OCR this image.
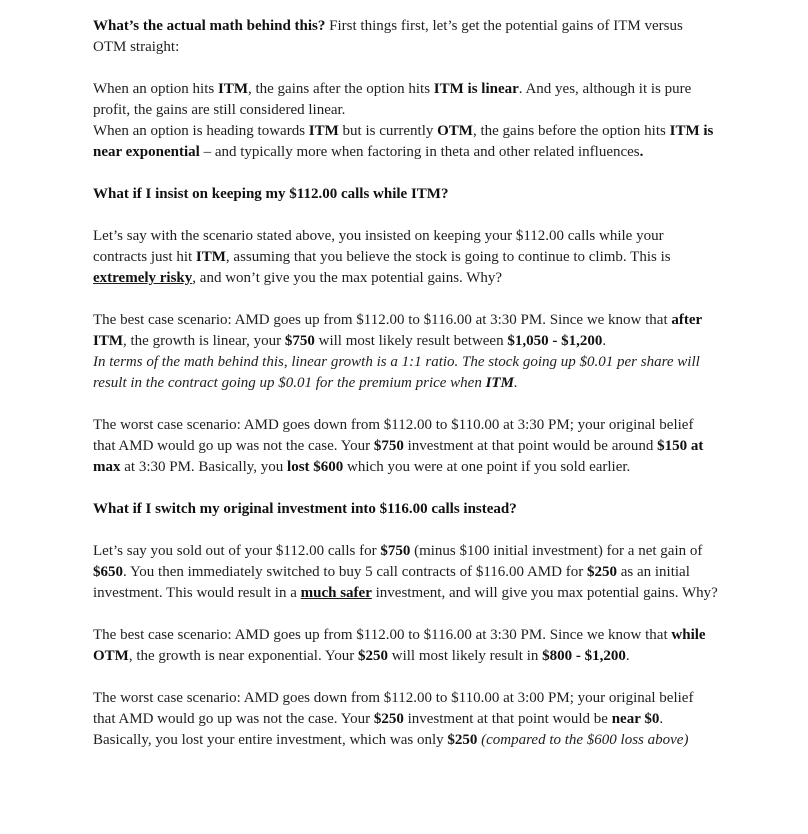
What’s the actual math behind this? First things first, let’s get the potential gains of ITM versus OTM straight:

When an option hits ITM, the gains after the option hits ITM is linear. And yes, although it is pure profit, the gains are still considered linear.

When an option is heading towards ITM but is currently OTM, the gains before the option hits ITM is near exponential – and typically more when factoring in theta and other related influences.

What if I insist on keeping my $112.00 calls while ITM?

Let’s say with the scenario stated above, you insisted on keeping your $112.00 calls while your contracts just hit ITM, assuming that you believe the stock is going to continue to climb. This is extremely risky, and won’t give you the max potential gains. Why?

The best case scenario: AMD goes up from $112.00 to $116.00 at 3:30 PM. Since we know that after ITM, the growth is linear, your $750 will most likely result between $1,050 - $1,200.

In terms of the math behind this, linear growth is a 1:1 ratio. The stock going up $0.01 per share will result in the contract going up $0.01 for the premium price when ITM.

The worst case scenario: AMD goes down from $112.00 to $110.00 at 3:30 PM; your original belief that AMD would go up was not the case. Your $750 investment at that point would be around $150 at max at 3:30 PM. Basically, you lost $600 which you were at one point if you sold earlier.

What if I switch my original investment into $116.00 calls instead?

Let’s say you sold out of your $112.00 calls for $750 (minus $100 initial investment) for a net gain of $650. You then immediately switched to buy 5 call contracts of $116.00 AMD for $250 as an initial investment. This would result in a much safer investment, and will give you max potential gains. Why?

The best case scenario: AMD goes up from $112.00 to $116.00 at 3:30 PM. Since we know that while OTM, the growth is near exponential. Your $250 will most likely result in $800 - $1,200.

The worst case scenario: AMD goes down from $112.00 to $110.00 at 3:00 PM; your original belief that AMD would go up was not the case. Your $250 investment at that point would be near $0. Basically, you lost your entire investment, which was only $250 (compared to the $600 loss above)
